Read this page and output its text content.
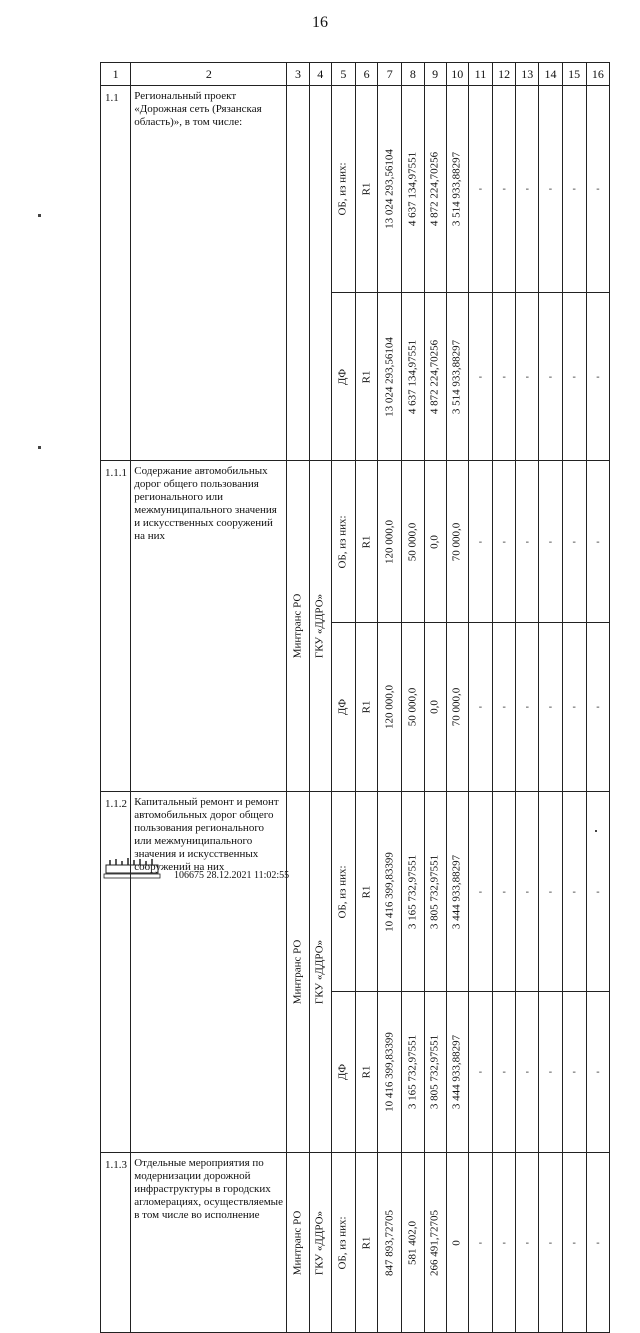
16
1	2	3	4	5	6	7	8	9	10	11	12	13	14	15	16
1.1	Региональный проект «Дорожная сеть (Рязанская область)», в том числе:			ОБ, из них:	R1	13 024 293,56104	4 637 134,97551	4 872 224,70256	3 514 933,88297	-	-	-	-	-	-

				ДФ	R1	13 024 293,56104	4 637 134,97551	4 872 224,70256	3 514 933,88297	-	-	-	-	-	-

1.1.1	Содержание автомобильных дорог общего пользования регионального или межмуниципального значения и искусственных сооружений на них	Минтранс РО	ГКУ «ДДРО»	ОБ, из них:	R1	120 000,0	50 000,0	0,0	70 000,0	-	-	-	-	-	-

				ДФ	R1	120 000,0	50 000,0	0,0	70 000,0	-	-	-	-	-	-

1.1.2	Капитальный ремонт и ремонт автомобильных дорог общего пользования регионального или межмуниципального значения и искусственных сооружений на них	Минтранс РО	ГКУ «ДДРО»	ОБ, из них:	R1	10 416 399,83399	3 165 732,97551	3 805 732,97551	3 444 933,88297	-	-	-	-	-	-

				ДФ	R1	10 416 399,83399	3 165 732,97551	3 805 732,97551	3 444 933,88297	-	-	-	-	-	-

1.1.3	Отдельные мероприятия по модернизации дорожной инфраструктуры в городских агломерациях, осуществляемые в том числе во исполнение	Минтранс РО	ГКУ «ДДРО»	ОБ, из них:	R1	847 893,72705	581 402,0	266 491,72705	0	-	-	-	-	-	-
106675 28.12.2021 11:02:55
